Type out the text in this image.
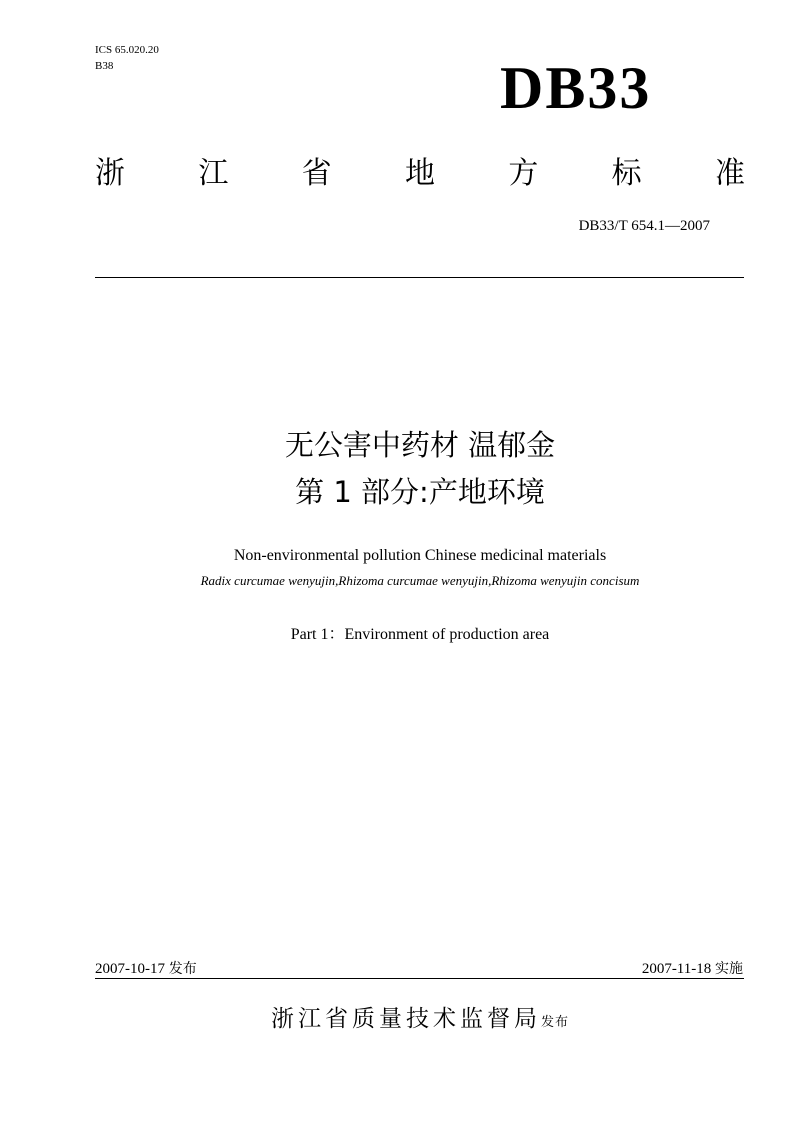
ICS 65.020.20
B38	DB33
浙 江 省 地 方 标 准
DB33/T 654.1—2007
无公害中药材 温郁金
第 1 部分:产地环境
Non-environmental pollution Chinese medicinal materials
Radix curcumae wenyujin,Rhizoma curcumae wenyujin,Rhizoma wenyujin concisum
Part 1：Environment of production area
2007-10-17 发布	2007-11-18 实施
浙江省质量技术监督局发布
